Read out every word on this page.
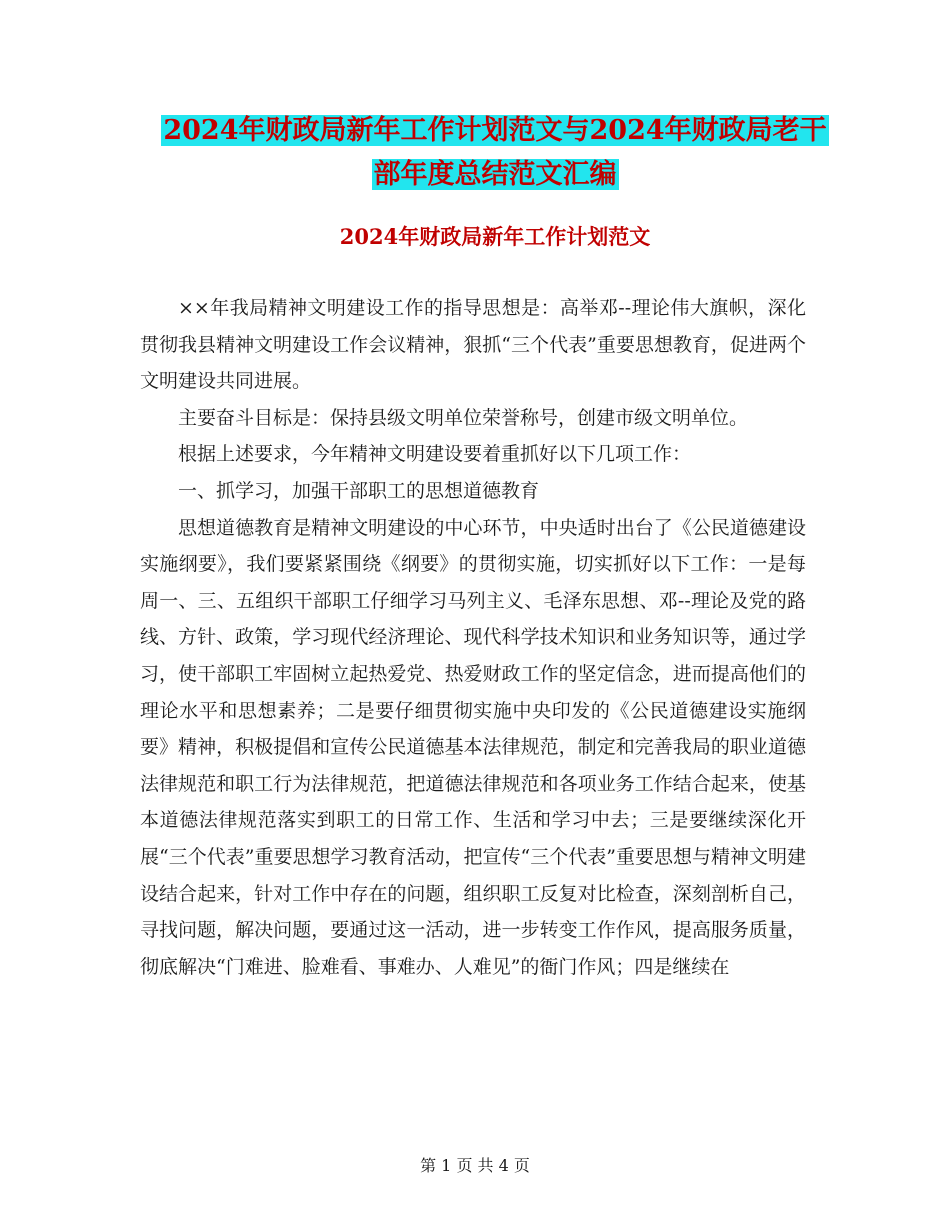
2024年财政局新年工作计划范文与2024年财政局老干
部年度总结范文汇编
2024年财政局新年工作计划范文

××年我局精神文明建设工作的指导思想是：高举邓--理论伟大旗帜，深化贯彻我县精神文明建设工作会议精神，狠抓“三个代表”重要思想教育，促进两个文明建设共同进展。

主要奋斗目标是：保持县级文明单位荣誉称号，创建市级文明单位。

根据上述要求，今年精神文明建设要着重抓好以下几项工作：

一、抓学习，加强干部职工的思想道德教育

思想道德教育是精神文明建设的中心环节，中央适时出台了《公民道德建设实施纲要》，我们要紧紧围绕《纲要》的贯彻实施，切实抓好以下工作：一是每周一、三、五组织干部职工仔细学习马列主义、毛泽东思想、邓--理论及党的路线、方针、政策，学习现代经济理论、现代科学技术知识和业务知识等，通过学习，使干部职工牢固树立起热爱党、热爱财政工作的坚定信念，进而提高他们的理论水平和思想素养；二是要仔细贯彻实施中央印发的《公民道德建设实施纲要》精神，积极提倡和宣传公民道德基本法律规范，制定和完善我局的职业道德法律规范和职工行为法律规范，把道德法律规范和各项业务工作结合起来，使基本道德法律规范落实到职工的日常工作、生活和学习中去；三是要继续深化开展“三个代表”重要思想学习教育活动，把宣传“三个代表”重要思想与精神文明建设结合起来，针对工作中存在的问题，组织职工反复对比检查，深刻剖析自己，寻找问题，解决问题，要通过这一活动，进一步转变工作作风，提高服务质量，彻底解决“门难进、脸难看、事难办、人难见”的衙门作风；四是继续在

第 1 页 共 4 页
